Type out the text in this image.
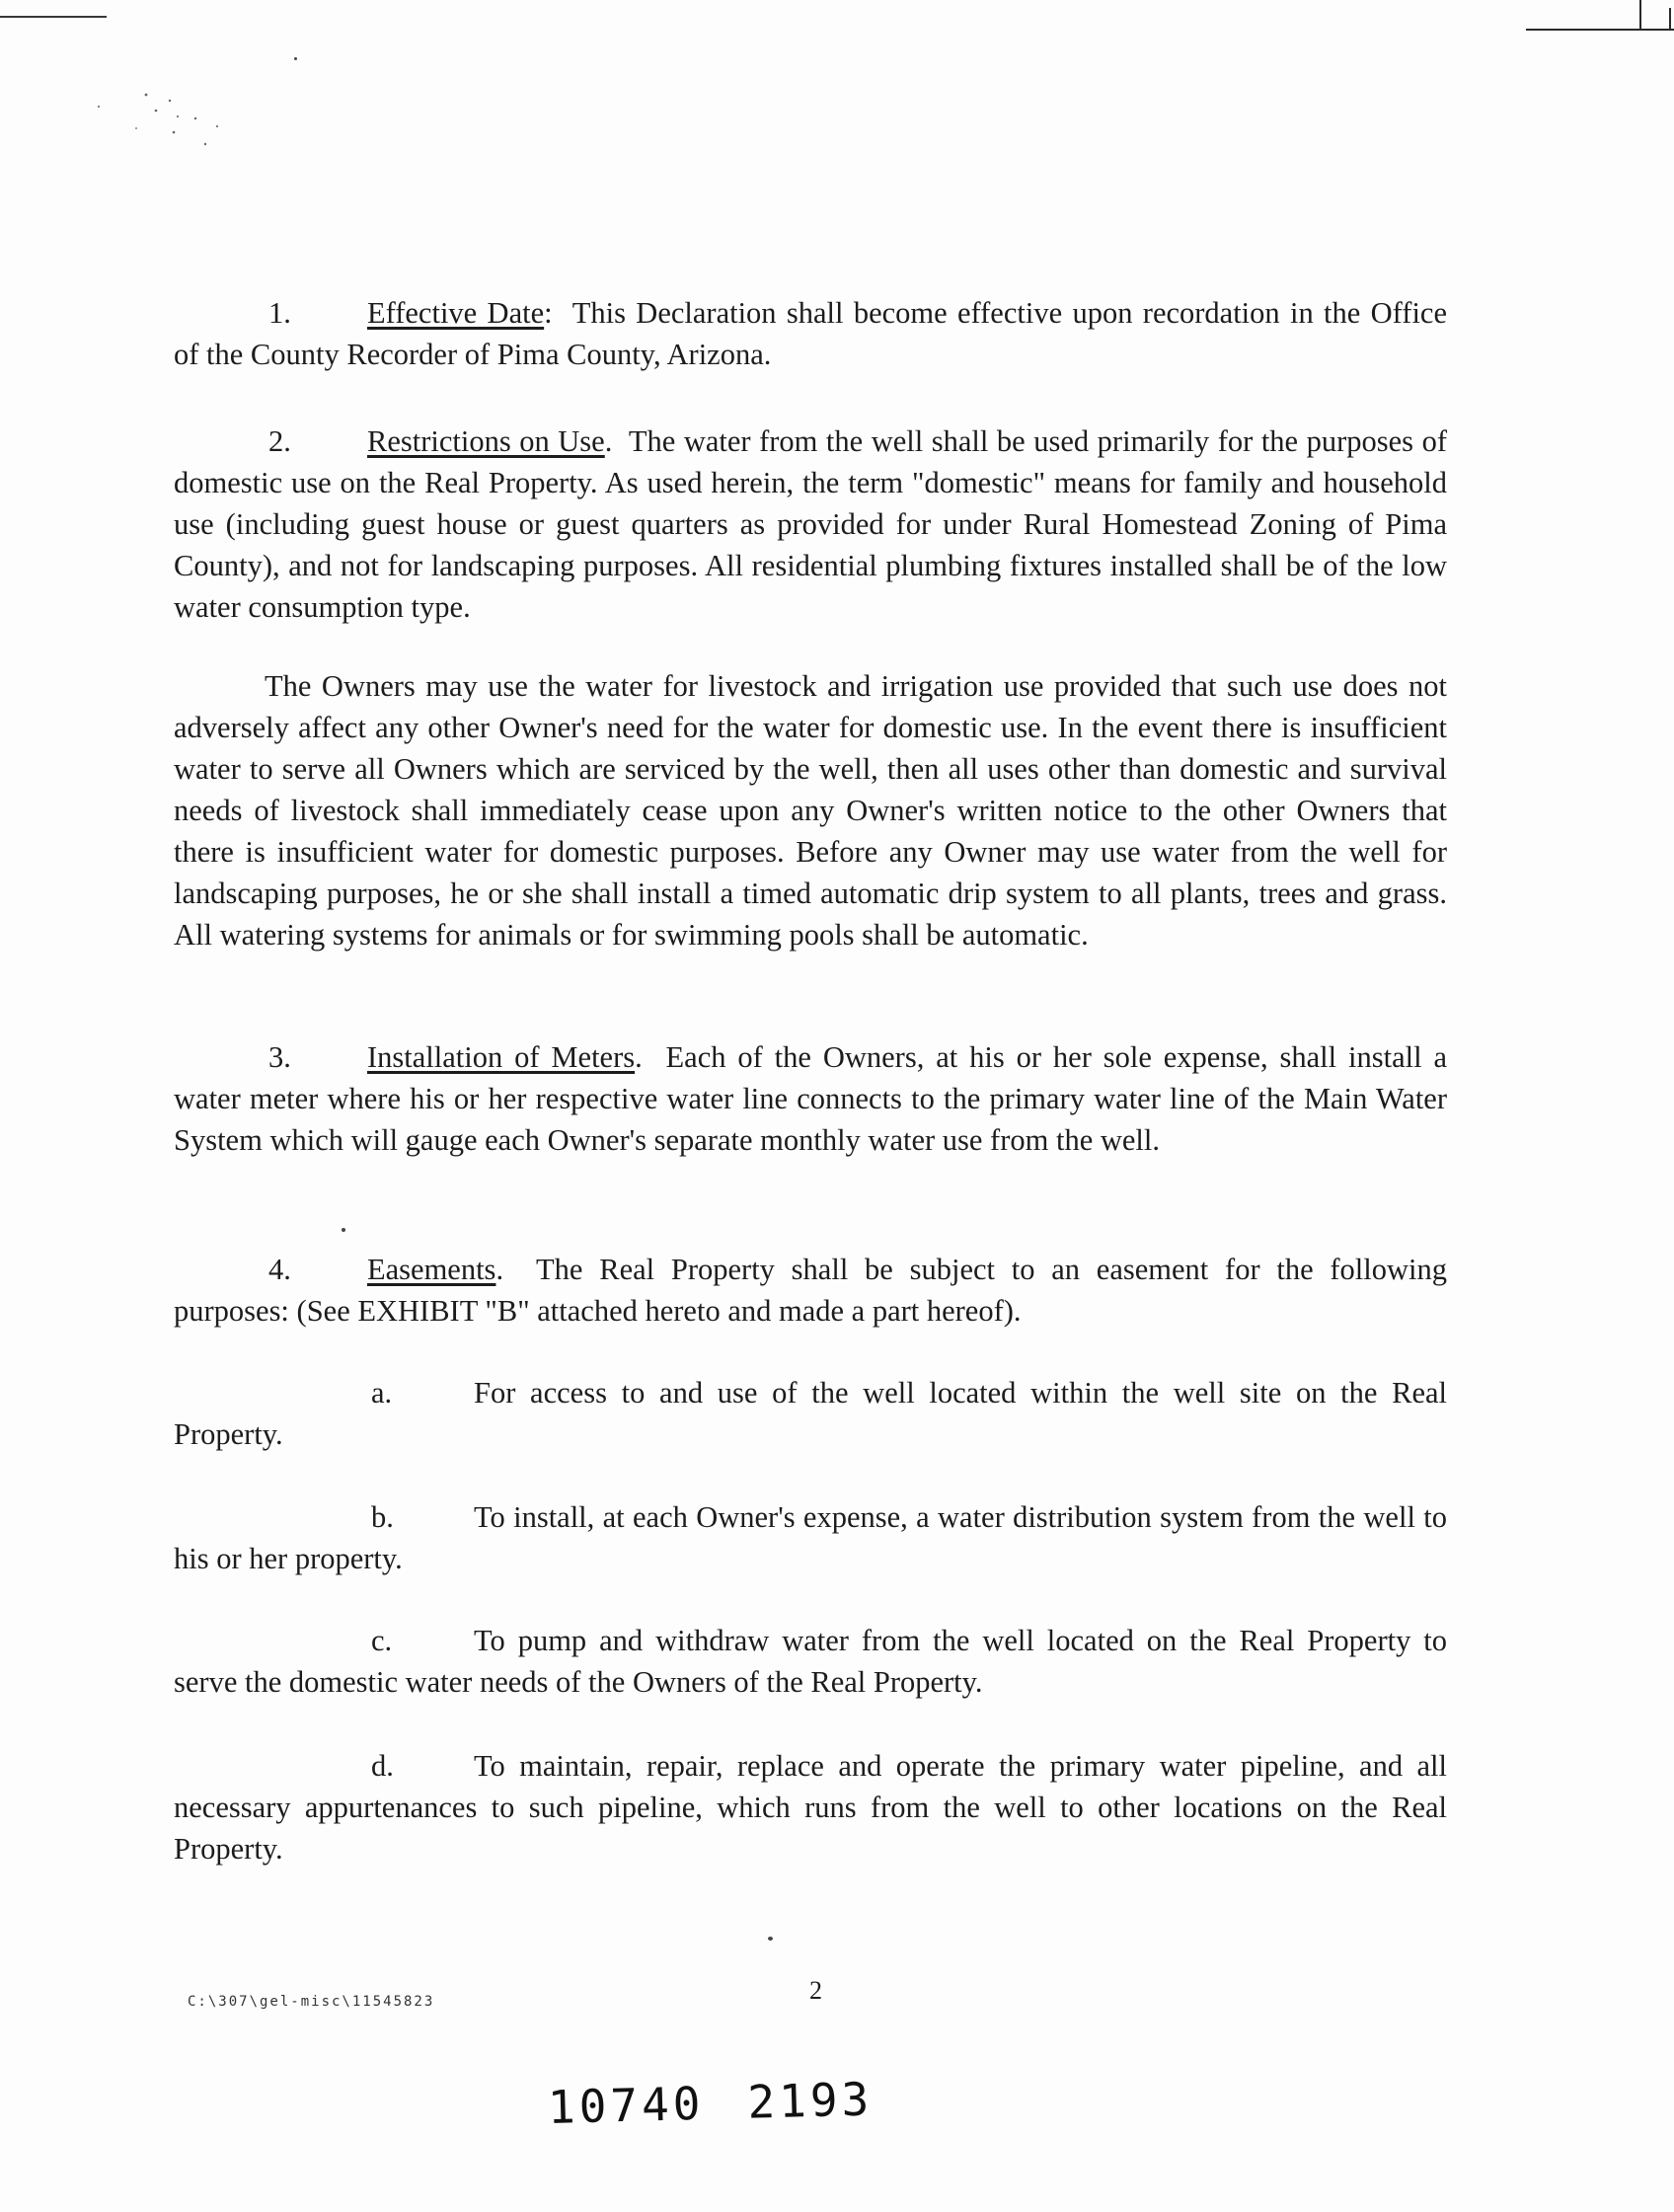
1.	Effective Date: This Declaration shall become effective upon recordation in the Office of the County Recorder of Pima County, Arizona.

2.	Restrictions on Use. The water from the well shall be used primarily for the purposes of domestic use on the Real Property. As used herein, the term "domestic" means for family and household use (including guest house or guest quarters as provided for under Rural Homestead Zoning of Pima County), and not for landscaping purposes. All residential plumbing fixtures installed shall be of the low water consumption type.

The Owners may use the water for livestock and irrigation use provided that such use does not adversely affect any other Owner's need for the water for domestic use. In the event there is insufficient water to serve all Owners which are serviced by the well, then all uses other than domestic and survival needs of livestock shall immediately cease upon any Owner's written notice to the other Owners that there is insufficient water for domestic purposes. Before any Owner may use water from the well for landscaping purposes, he or she shall install a timed automatic drip system to all plants, trees and grass. All watering systems for animals or for swimming pools shall be automatic.

3.	Installation of Meters. Each of the Owners, at his or her sole expense, shall install a water meter where his or her respective water line connects to the primary water line of the Main Water System which will gauge each Owner's separate monthly water use from the well.

4.	Easements. The Real Property shall be subject to an easement for the following purposes: (See EXHIBIT "B" attached hereto and made a part hereof).

a.	For access to and use of the well located within the well site on the Real Property.

b.	To install, at each Owner's expense, a water distribution system from the well to his or her property.

c.	To pump and withdraw water from the well located on the Real Property to serve the domestic water needs of the Owners of the Real Property.

d.	To maintain, repair, replace and operate the primary water pipeline, and all necessary appurtenances to such pipeline, which runs from the well to other locations on the Real Property.

C:\307\gel-misc\11545823	2
10740 2193
